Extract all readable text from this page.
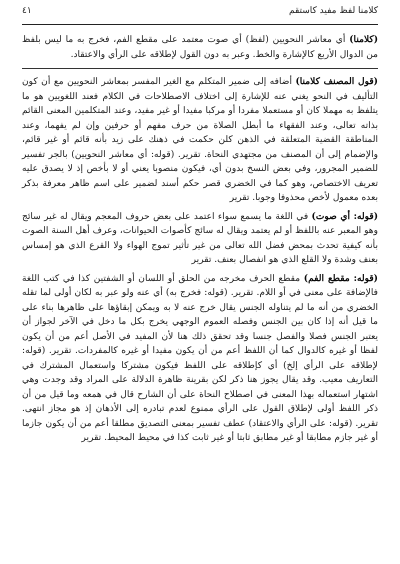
كلامنا لفظ مفيد كاستقم
٤١

(كلامنا) أي معاشر النحويين (لفظ) أي صوت معتمد على مقطع الفم، فخرج به ما ليس بلفظ من الدوال الأربع كالإشارة والخط. وعبر به دون القول لإطلاقه على الرأي والاعتقاد.

(قول المصنف كلامنا) أضافه إلى ضمير المتكلم مع الغير المفسر بمعاشر النحويين مع أن كون التأليف في النحو يغني عنه للإشارة إلى اختلاف الاصطلاحات في الكلام فعند اللغويين هو ما يتلفظ به مهملا كان أو مستعملا مفردا أو مركبا مفيدا أو غير مفيد، وعند المتكلمين المعنى القائم بذاته تعالى، وعند الفقهاء ما أبطل الصلاة من حرف مفهم أو حرفين وإن لم يفهما، وعند المناطقة القضية المتعلقة في الذهن كلن حكمت في ذهنك على زيد بأنه قائم أو غير قائم، والإضمام إلى أن المصنف من مجتهدي النحاة. تقرير. (قوله: أي معاشر النحويين) بالجر تفسير للضمير المجرور، وفي بعض النسخ بدون أي، فيكون منصوبا يعني أو لا بأخص إذ لا يصدق عليه تعريف الاختصاص، وهو كما في الخضري قصر حكم أسند لضمير على اسم ظاهر معرفة بذكر بعده معمول لأخص محذوفا وجوبا. تقرير

(قوله: أي صوت) في اللغة ما يسمع سواء اعتمد على بعض حروف المعجم ويقال له غير سائج وهو المعبر عنه باللفظ أو لم يعتمد ويقال له سائج كأصوات الحيوانات، وعرف أهل السنة الصوت بأنه كيفية تحدث بمحض فضل الله تعالى من غير تأثير تموج الهواء ولا القرع الذي هو إمساس بعنف وشدة ولا القلع الذي هو انفصال بعنف. تقرير

(قوله: مقطع الفم) مقطع الحرف مخرجه من الحلق أو اللسان أو الشفتين كذا في كتب اللغة فالإضافة على معنى في أو اللام. تقرير. (قوله: فخرج به) أي عنه ولو عبر به لكان أولى لما تقله الخضري من أنه ما لم يتناوله الجنس يقال خرج عنه لا به ويمكن إبقاؤها على ظاهرها بناء على ما قيل أنه إذا كان بين الجنس وفصله العموم الوجهي يخرج بكل ما دخل في الآخر لجواز أن يعتبر الجنس فصلا والفصل جنسا وقد تحقق ذلك هنا لأن المفيد في الأصل أعم من أن يكون لفظا أو غيره كالدوال كما أن اللفظ أعم من أن يكون مفيدا أو غيره كالمفردات. تقرير. (قوله: لإطلاقه على الرأي إلخ) أي كإطلاقه على اللفظ فيكون مشتركا واستعمال المشترك في التعاريف معيب. وقد يقال يجوز هنا ذكر لكن بقرينة ظاهرة الدلالة على المراد وقد وجدت وهي اشتهار استعماله بهذا المعنى في اصطلاح النحاة على أن الشارح قال في همعه وما قيل من أن ذكر اللفظ أولى لإطلاق القول على الرأي ممنوع لعدم تبادره إلى الأذهان إذ هو مجاز انتهى. تقرير. (قوله: على الرأي والاعتقاد) عطف تفسير بمعنى التصديق مطلقا أعم من أن يكون جازما أو غير جازم مطابقا أو غير مطابق ثابتا أو غير ثابت كذا في محيط المحيط. تقرير
